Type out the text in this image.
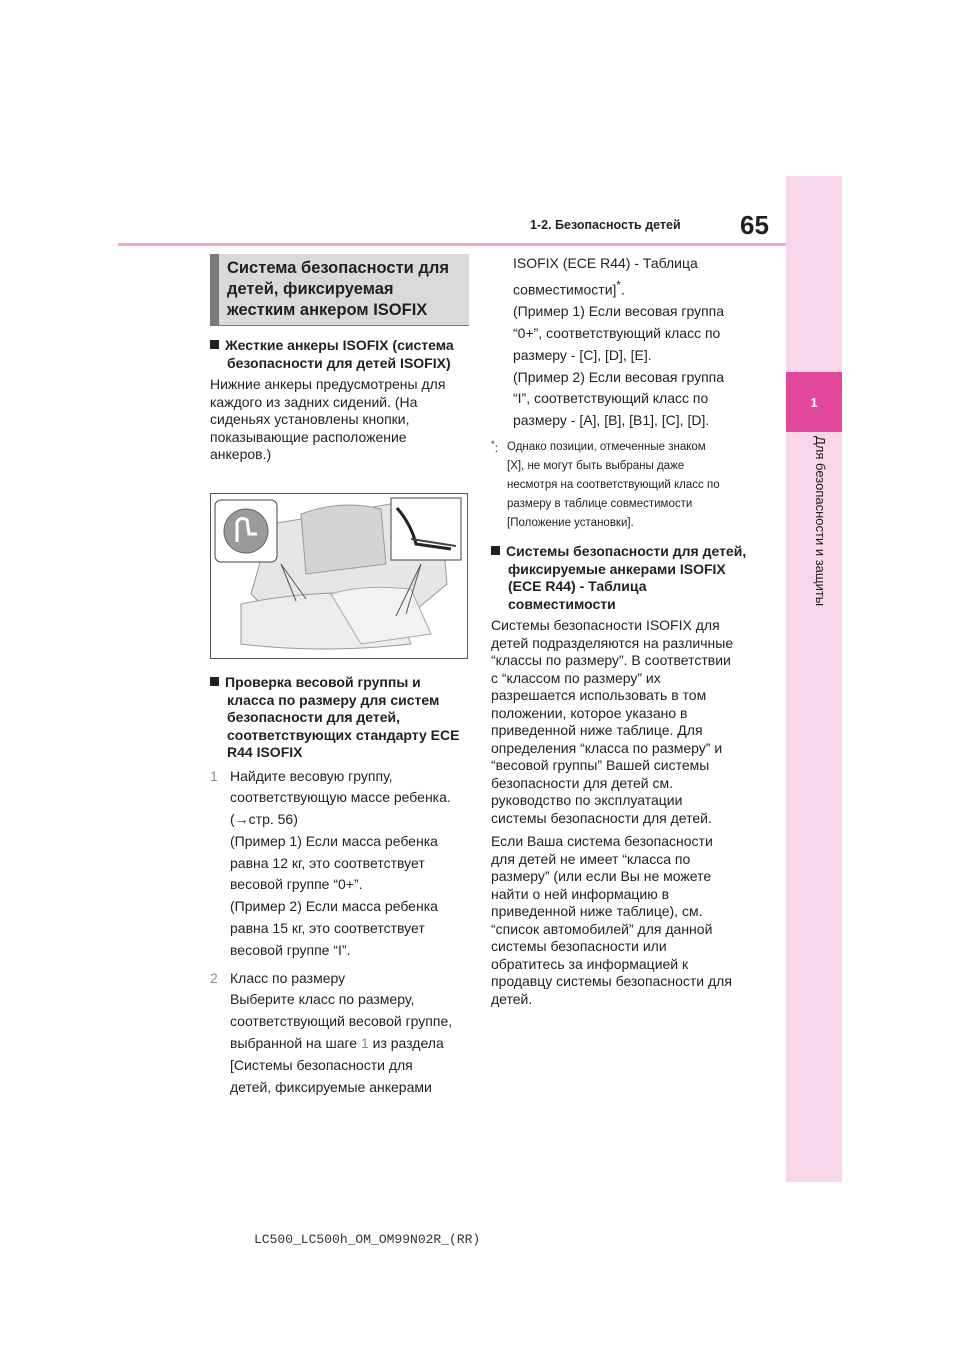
65
1-2. Безопасность детей
1
Для безопасности и защиты
Система безопасности для детей, фиксируемая жестким анкером ISOFIX
Жесткие анкеры ISOFIX (система безопасности для детей ISOFIX)
Нижние анкеры предусмотрены для
каждого из задних сидений. (На
сиденьях установлены кнопки,
показывающие расположение
анкеров.)
Проверка весовой группы и класса по размеру для систем безопасности для детей, соответствующих стандарту ECE R44 ISOFIX
1 Найдите весовую группу,

соответствующую массе ребенка.

(→стр. 56)

(Пример 1) Если масса ребенка

равна 12 кг, это соответствует

весовой группе “0+”.

(Пример 2) Если масса ребенка

равна 15 кг, это соответствует

весовой группе “I”.

2 Класс по размеру

Выберите класс по размеру,

соответствующий весовой группе,

выбранной на шаге 1 из раздела

[Системы безопасности для

детей, фиксируемые анкерами

ISOFIX (ECE R44) - Таблица

совместимости]*.

(Пример 1) Если весовая группа

“0+”, соответствующий класс по

размеру - [C], [D], [E].

(Пример 2) Если весовая группа

“I”, соответствующий класс по

размеру - [A], [B], [B1], [C], [D].

*: Однако позиции, отмеченные знаком
[X], не могут быть выбраны даже
несмотря на соответствующий класс по
размеру в таблице совместимости
[Положение установки].
Системы безопасности для детей, фиксируемые анкерами ISOFIX (ECE R44) - Таблица совместимости
Системы безопасности ISOFIX для
детей подразделяются на различные
“классы по размеру”. В соответствии
с “классом по размеру” их
разрешается использовать в том
положении, которое указано в
приведенной ниже таблице. Для
определения “класса по размеру” и
“весовой группы” Вашей системы
безопасности для детей см.
руководство по эксплуатации
системы безопасности для детей.
Если Ваша система безопасности
для детей не имеет “класса по
размеру” (или если Вы не можете
найти о ней информацию в
приведенной ниже таблице), см.
“список автомобилей” для данной
системы безопасности или
обратитесь за информацией к
продавцу системы безопасности для
детей.
LC500_LC500h_OM_OM99N02R_(RR)
